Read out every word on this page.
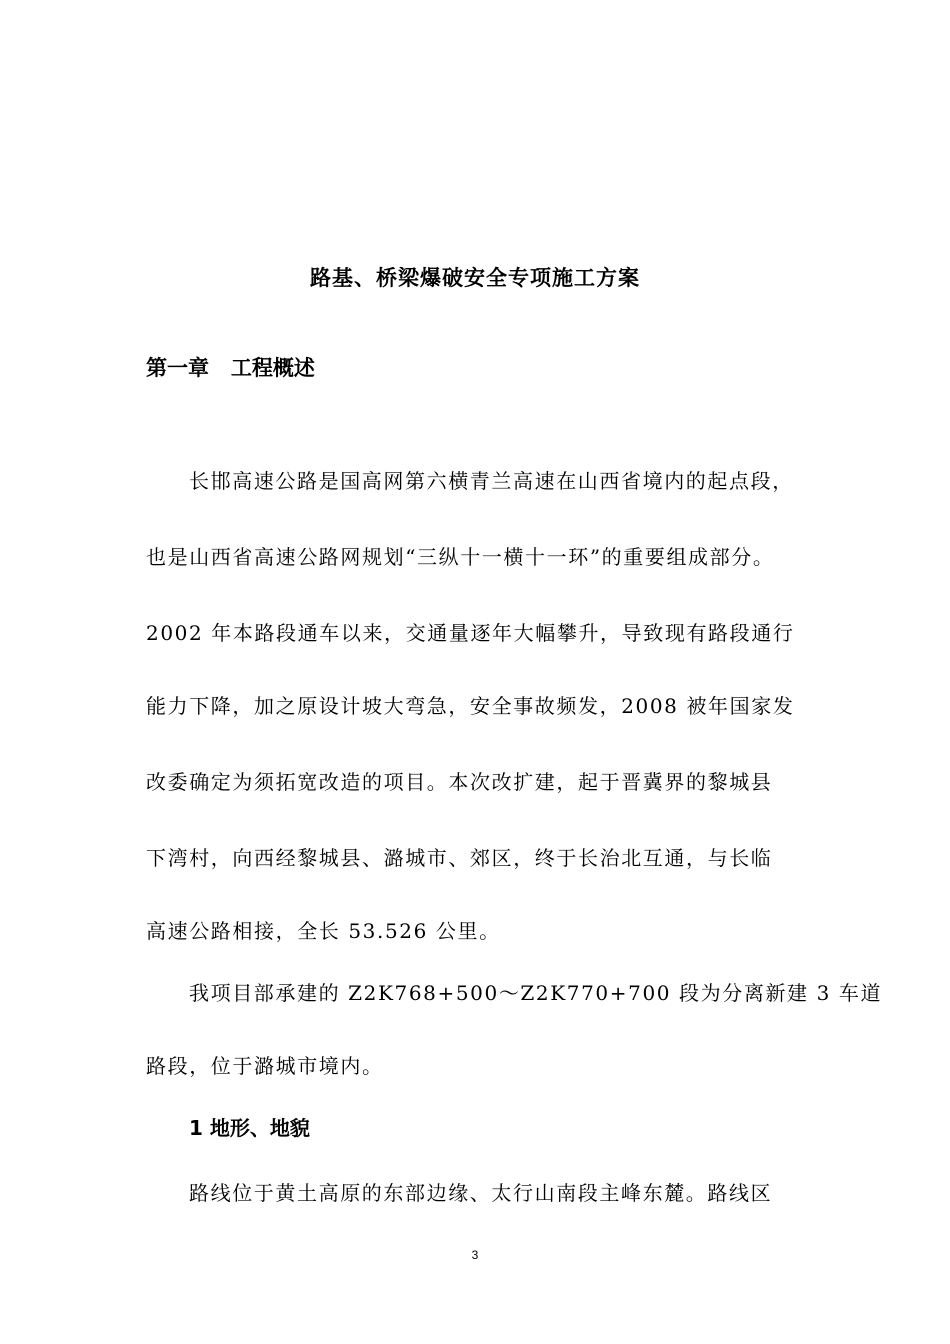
路基、桥梁爆破安全专项施工方案
第一章   工程概述
长邯高速公路是国高网第六横青兰高速在山西省境内的起点段，
也是山西省高速公路网规划“三纵十一横十一环”的重要组成部分。
2002 年本路段通车以来，交通量逐年大幅攀升，导致现有路段通行
能力下降，加之原设计坡大弯急，安全事故频发，2008 被年国家发
改委确定为须拓宽改造的项目。本次改扩建，起于晋冀界的黎城县
下湾村，向西经黎城县、潞城市、郊区，终于长治北互通，与长临
高速公路相接，全长 53.526 公里。
我项目部承建的 Z2K768+500～Z2K770+700 段为分离新建 3 车道
路段，位于潞城市境内。
1 地形、地貌
路线位于黄土高原的东部边缘、太行山南段主峰东麓。路线区
3
